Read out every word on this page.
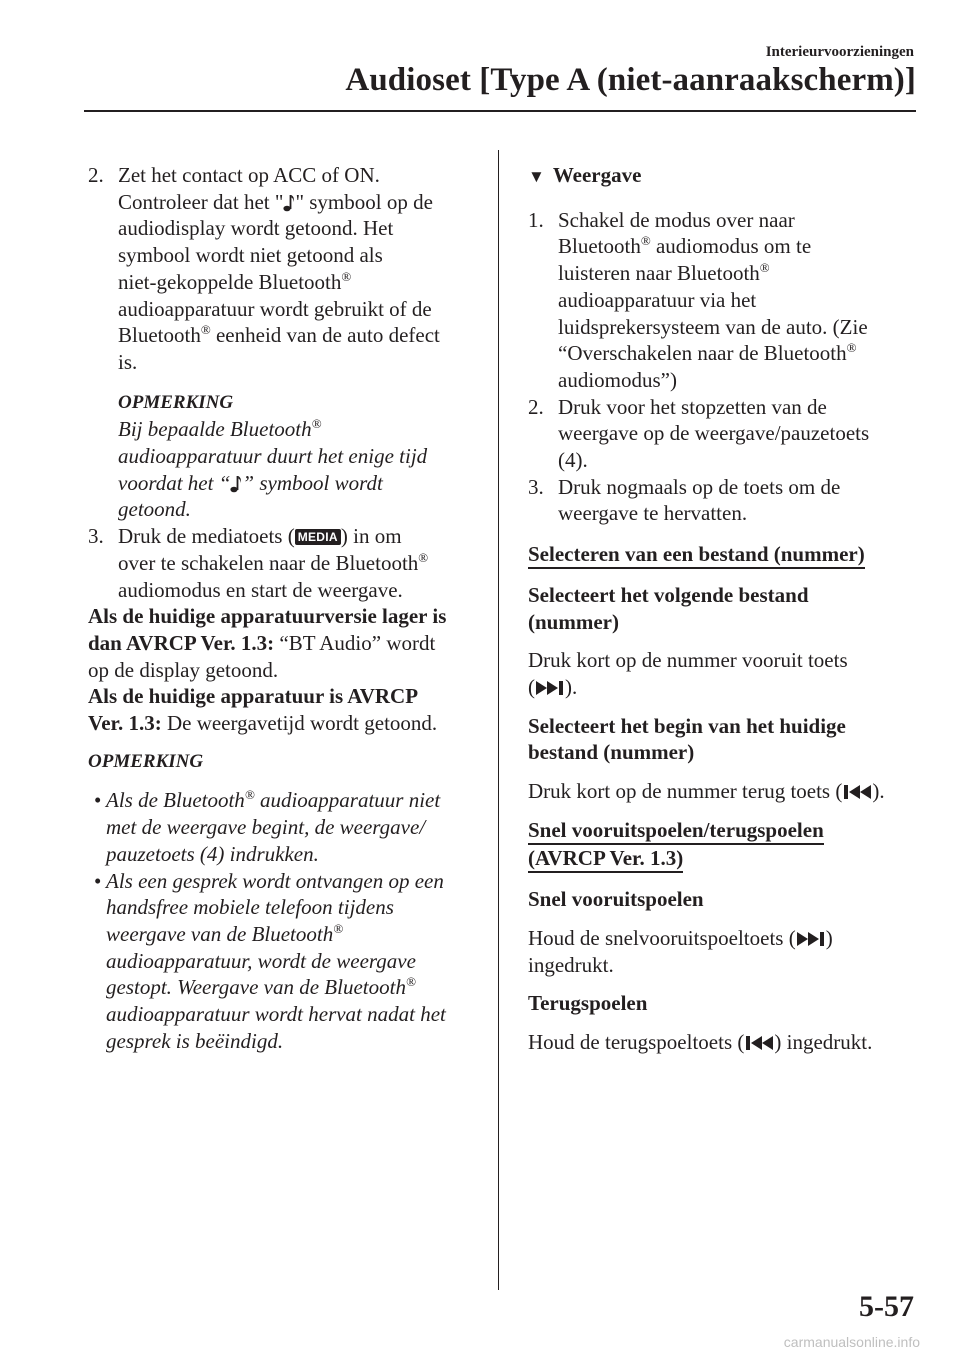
Interieurvoorzieningen
Audioset [Type A (niet-aanraakscherm)]
2. Zet het contact op ACC of ON.
Controleer dat het " " symbool op de
audiodisplay wordt getoond. Het
symbool wordt niet getoond als
niet-gekoppelde Bluetooth®
audioapparatuur wordt gebruikt of de
Bluetooth® eenheid van de auto defect
is.
OPMERKING
Bij bepaalde Bluetooth®
audioapparatuur duurt het enige tijd
voordat het “ ” symbool wordt
getoond.
3. Druk de mediatoets ( MEDIA ) in om
over te schakelen naar de Bluetooth®
audiomodus en start de weergave.
Als de huidige apparatuurversie lager is
dan AVRCP Ver. 1.3: “BT Audio” wordt
op de display getoond.
Als de huidige apparatuur is AVRCP
Ver. 1.3: De weergavetijd wordt getoond.
OPMERKING
• Als de Bluetooth® audioapparatuur niet
met de weergave begint, de weergave/
pauzetoets (4) indrukken.
• Als een gesprek wordt ontvangen op een
handsfree mobiele telefoon tijdens
weergave van de Bluetooth®
audioapparatuur, wordt de weergave
gestopt. Weergave van de Bluetooth®
audioapparatuur wordt hervat nadat het
gesprek is beëindigd.
▼ Weergave
1. Schakel de modus over naar
Bluetooth® audiomodus om te
luisteren naar Bluetooth®
audioapparatuur via het
luidsprekersysteem van de auto. (Zie
“Overschakelen naar de Bluetooth®
audiomodus”)
2. Druk voor het stopzetten van de
weergave op de weergave/pauzetoets
(4).
3. Druk nogmaals op de toets om de
weergave te hervatten.
Selecteren van een bestand (nummer)
Selecteert het volgende bestand
(nummer)
Druk kort op de nummer vooruit toets
( ).
Selecteert het begin van het huidige
bestand (nummer)
Druk kort op de nummer terug toets ( ).
Snel vooruitspoelen/terugspoelen
(AVRCP Ver. 1.3)
Snel vooruitspoelen
Houd de snelvooruitspoeltoets ( )
ingedrukt.
Terugspoelen
Houd de terugspoeltoets ( ) ingedrukt.
5-57
carmanualsonline.info
